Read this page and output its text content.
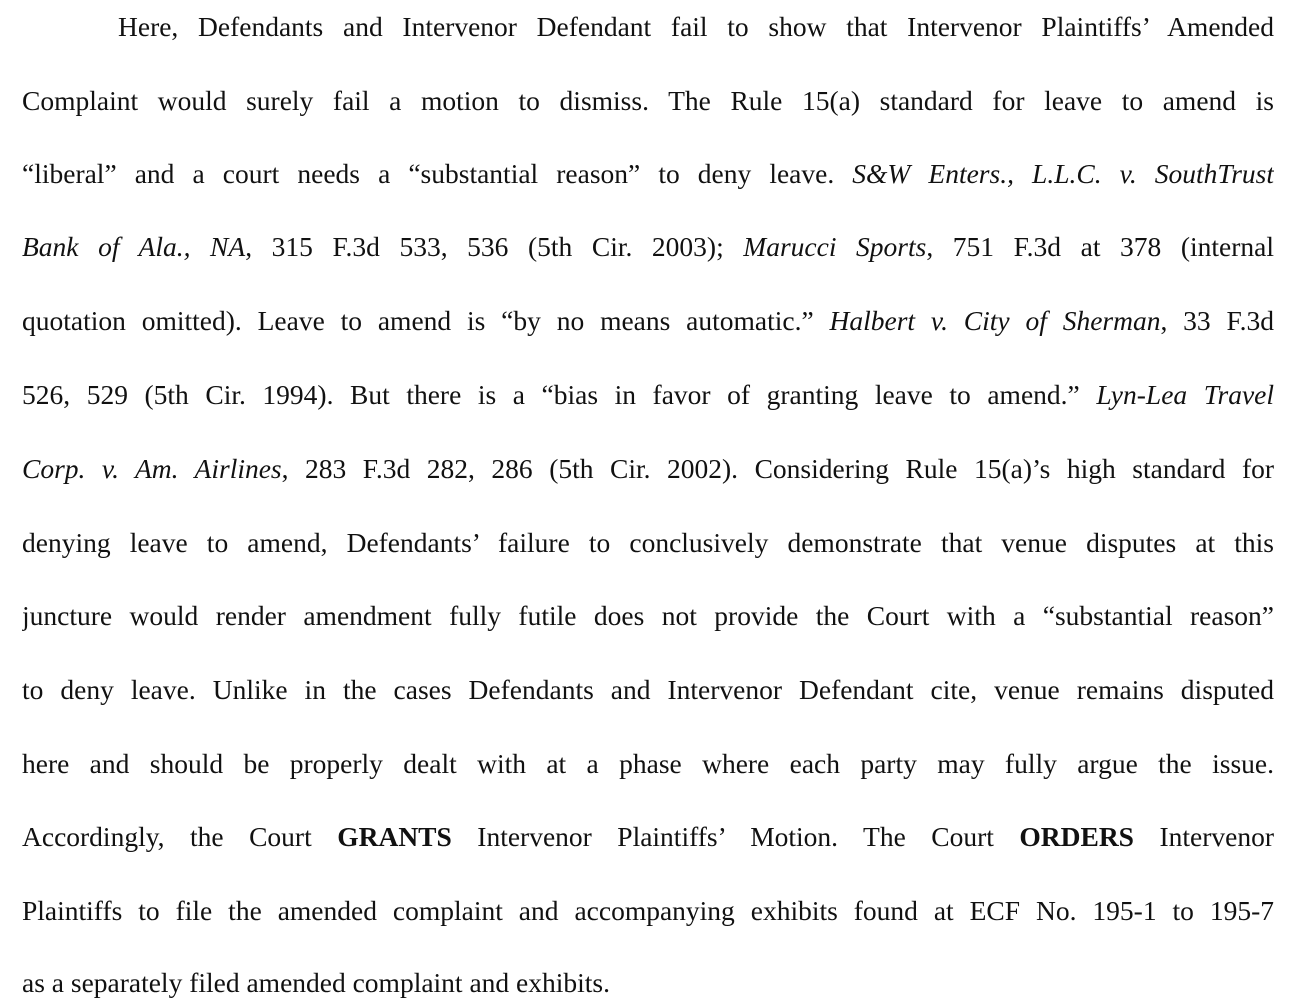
Here, Defendants and Intervenor Defendant fail to show that Intervenor Plaintiffs’ Amended
Complaint would surely fail a motion to dismiss. The Rule 15(a) standard for leave to amend is
“liberal” and a court needs a “substantial reason” to deny leave. S&W Enters., L.L.C. v. SouthTrust
Bank of Ala., NA, 315 F.3d 533, 536 (5th Cir. 2003); Marucci Sports, 751 F.3d at 378 (internal
quotation omitted). Leave to amend is “by no means automatic.” Halbert v. City of Sherman, 33 F.3d
526, 529 (5th Cir. 1994). But there is a “bias in favor of granting leave to amend.” Lyn-Lea Travel
Corp. v. Am. Airlines, 283 F.3d 282, 286 (5th Cir. 2002). Considering Rule 15(a)’s high standard for
denying leave to amend, Defendants’ failure to conclusively demonstrate that venue disputes at this
juncture would render amendment fully futile does not provide the Court with a “substantial reason”
to deny leave. Unlike in the cases Defendants and Intervenor Defendant cite, venue remains disputed
here and should be properly dealt with at a phase where each party may fully argue the issue.
Accordingly, the Court GRANTS Intervenor Plaintiffs’ Motion. The Court ORDERS Intervenor
Plaintiffs to file the amended complaint and accompanying exhibits found at ECF No. 195-1 to 195-7
as a separately filed amended complaint and exhibits.
